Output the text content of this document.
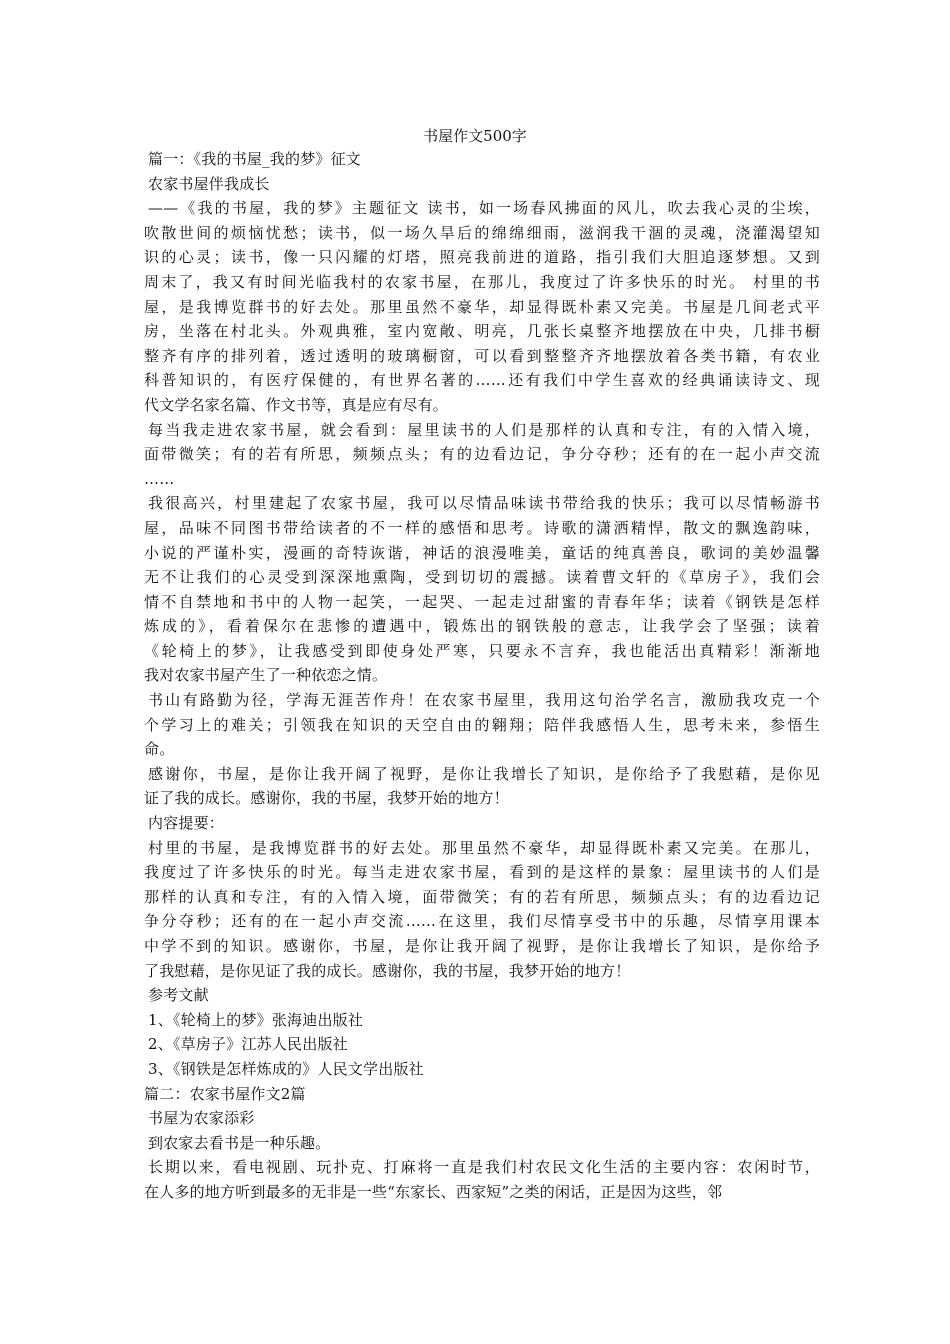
书屋作文500字
篇一：《我的书屋_我的梦》征文
农家书屋伴我成长
——《我的书屋，我的梦》主题征文 读书，如一场春风拂面的风儿，吹去我心灵的尘埃，
吹散世间的烦恼忧愁；读书，似一场久旱后的绵绵细雨，滋润我干涸的灵魂，浇灌渴望知
识的心灵；读书，像一只闪耀的灯塔，照亮我前进的道路，指引我们大胆追逐梦想。又到
周末了，我又有时间光临我村的农家书屋，在那儿，我度过了许多快乐的时光。 村里的书
屋，是我博览群书的好去处。那里虽然不豪华，却显得既朴素又完美。书屋是几间老式平
房，坐落在村北头。外观典雅，室内宽敞、明亮，几张长桌整齐地摆放在中央，几排书橱
整齐有序的排列着，透过透明的玻璃橱窗，可以看到整整齐齐地摆放着各类书籍，有农业
科普知识的，有医疗保健的，有世界名著的……还有我们中学生喜欢的经典诵读诗文、现
代文学名家名篇、作文书等，真是应有尽有。
每当我走进农家书屋，就会看到：屋里读书的人们是那样的认真和专注，有的入情入境，
面带微笑；有的若有所思，频频点头；有的边看边记，争分夺秒；还有的在一起小声交流
……
我很高兴，村里建起了农家书屋，我可以尽情品味读书带给我的快乐；我可以尽情畅游书
屋，品味不同图书带给读者的不一样的感悟和思考。诗歌的潇洒精悍，散文的飘逸韵味，
小说的严谨朴实，漫画的奇特诙谐，神话的浪漫唯美，童话的纯真善良，歌词的美妙温馨
无不让我们的心灵受到深深地熏陶，受到切切的震撼。读着曹文轩的《草房子》，我们会
情不自禁地和书中的人物一起笑，一起哭、一起走过甜蜜的青春年华；读着《钢铁是怎样
炼成的》，看着保尔在悲惨的遭遇中，锻炼出的钢铁般的意志，让我学会了坚强；读着
《轮椅上的梦》，让我感受到即使身处严寒，只要永不言弃，我也能活出真精彩！渐渐地
我对农家书屋产生了一种依恋之情。
书山有路勤为径，学海无涯苦作舟！在农家书屋里，我用这句治学名言，激励我攻克一个
个学习上的难关；引领我在知识的天空自由的翱翔；陪伴我感悟人生，思考未来，参悟生
命。
感谢你，书屋，是你让我开阔了视野，是你让我增长了知识，是你给予了我慰藉，是你见
证了我的成长。感谢你，我的书屋，我梦开始的地方！
内容提要：
村里的书屋，是我博览群书的好去处。那里虽然不豪华，却显得既朴素又完美。在那儿，
我度过了许多快乐的时光。每当走进农家书屋，看到的是这样的景象：屋里读书的人们是
那样的认真和专注，有的入情入境，面带微笑；有的若有所思，频频点头；有的边看边记
争分夺秒；还有的在一起小声交流……在这里，我们尽情享受书中的乐趣，尽情享用课本
中学不到的知识。感谢你，书屋，是你让我开阔了视野，是你让我增长了知识，是你给予
了我慰藉，是你见证了我的成长。感谢你，我的书屋，我梦开始的地方！
参考文献
1、《轮椅上的梦》张海迪出版社
2、《草房子》江苏人民出版社
3、《钢铁是怎样炼成的》人民文学出版社
篇二：农家书屋作文2篇
书屋为农家添彩
到农家去看书是一种乐趣。
长期以来，看电视剧、玩扑克、打麻将一直是我们村农民文化生活的主要内容：农闲时节，
在人多的地方听到最多的无非是一些“东家长、西家短”之类的闲话，正是因为这些，邻
